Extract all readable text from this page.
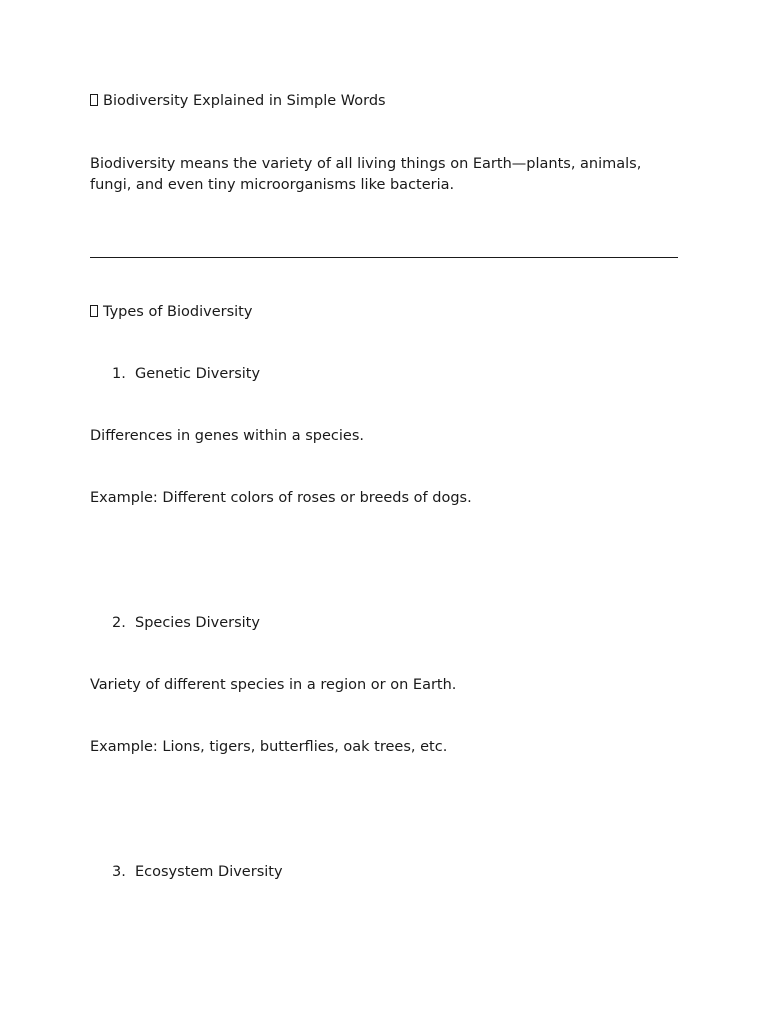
Biodiversity Explained in Simple Words
Biodiversity means the variety of all living things on Earth—plants, animals, fungi, and even tiny microorganisms like bacteria.
Types of Biodiversity
1. Genetic Diversity
Differences in genes within a species.
Example: Different colors of roses or breeds of dogs.
2. Species Diversity
Variety of different species in a region or on Earth.
Example: Lions, tigers, butterflies, oak trees, etc.
3. Ecosystem Diversity
